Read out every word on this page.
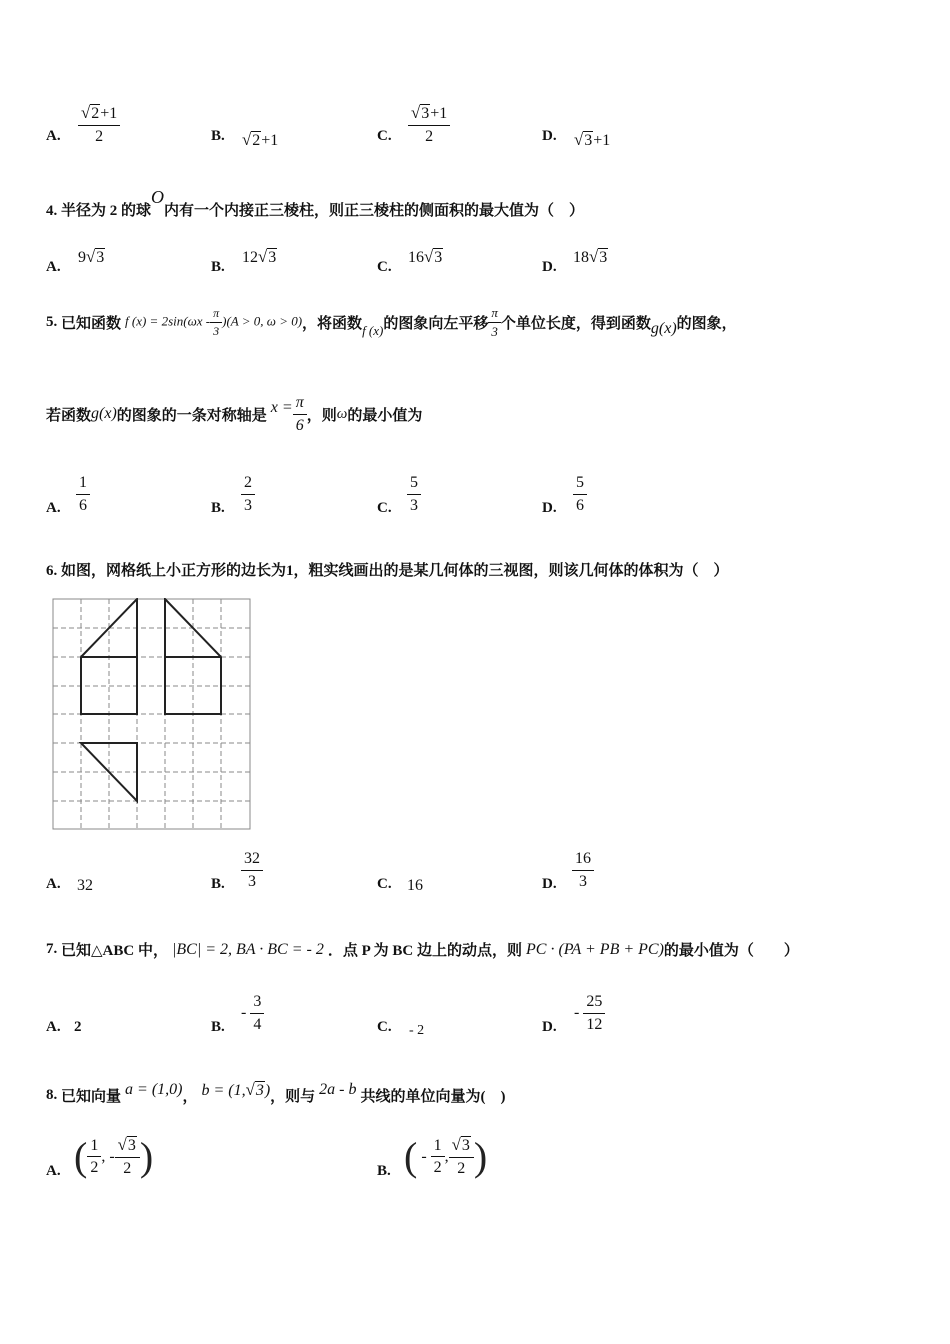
A. $\frac{√ 2 +1}{2}$	B. √ 2 +1	C. $\frac{√ 3 +1}{2}$	D. √ 3 +1
4. 半径为 2 的球O内有一个内接正三棱柱，则正三棱柱的侧面积的最大值为（　）
A.
9 √ 3
B.
12 √ 3
C.
16 √ 3
D.
18 √ 3
5.
已知函数 f $(x) = 2\sin(\omega x - \frac{\pi}{3} )(A > 0$, ω > 0) ，将函数 f (x) 的图象向左平移 $\frac{\pi}{3}$ 个单位长度，得到函数 g(x) 的图象，
若函数 g(x) 的图象的一条对称轴是 $x = \frac{\pi}{6}$ ，则 ω 的最小值为
A. $\frac{1}{6}$	B. $\frac{2}{3}$	C. $\frac{5}{3}$	D. $\frac{5}{6}$
6. 如图，网格纸上小正方形的边长为1，粗实线画出的是某几何体的三视图，则该几何体的体积为（　）
A. 32	B. $\frac{32}{3}$	C. 16	D. $\frac{16}{3}$
7.
已知△ABC 中， |BC| = 2, BA · BC = - 2 ．点 P 为 BC 边上的动点，则 PC · (PA + PB + PC) 的最小值为（　　）
A. 2	B.
- $\frac{3}{4}$	C. - 2	D.
- $\frac{25}{12}$
8.
已知向量 a = (1,0) ， b = (1, √ 3 ) ，则与 2a - b 共线的单位向量为(　)
A. ( $\frac{1}{2}$ , - $\frac{√ 3}{2}$ )	B. ( - $\frac{1}{2}$ , $\frac{√ 3}{2}$ )
